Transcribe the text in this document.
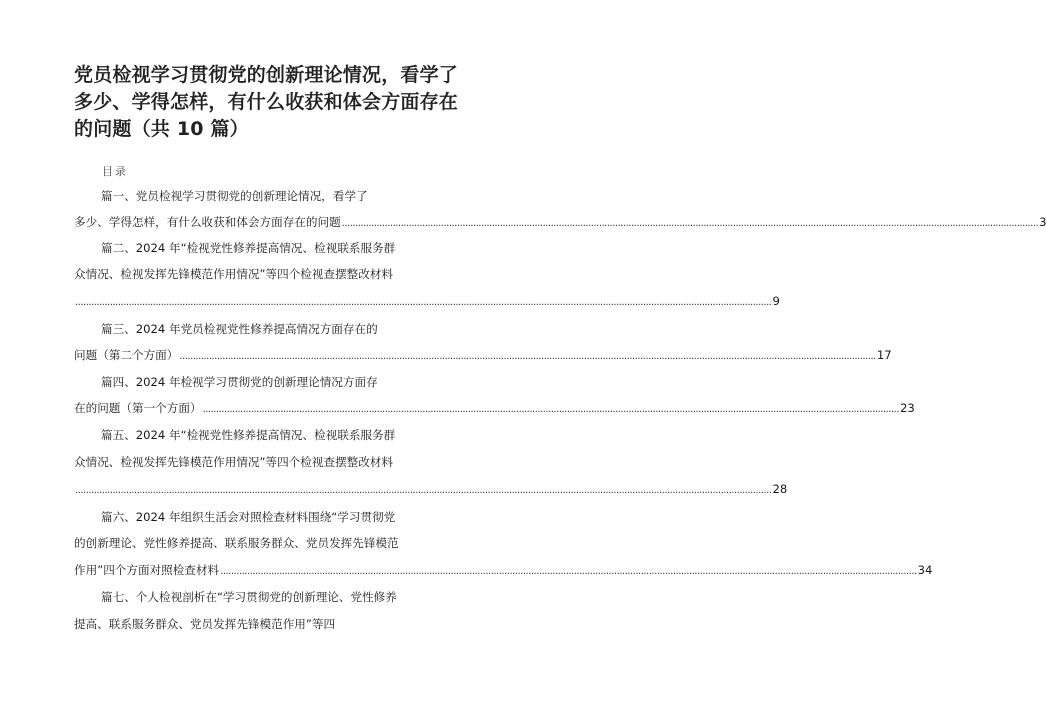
党员检视学习贯彻党的创新理论情况，看学了
多少、学得怎样，有什么收获和体会方面存在
的问题（共 10 篇）
目录
篇一、党员检视学习贯彻党的创新理论情况，看学了
多少、学得怎样，有什么收获和体会方面存在的问题 .................................................................................................................................................................................................................................................................... 3
篇二、2024 年“检视党性修养提高情况、检视联系服务群
众情况、检视发挥先锋模范作用情况”等四个检视查摆整改材料
.................................................................................................................................................................................................................................................................... 9
篇三、2024 年党员检视党性修养提高情况方面存在的
问题（第二个方面） .................................................................................................................................................................................................................................................................... 17
篇四、2024 年检视学习贯彻党的创新理论情况方面存
在的问题（第一个方面） .................................................................................................................................................................................................................................................................... 23
篇五、2024 年“检视党性修养提高情况、检视联系服务群
众情况、检视发挥先锋模范作用情况”等四个检视查摆整改材料
.................................................................................................................................................................................................................................................................... 28
篇六、2024 年组织生活会对照检查材料围绕“学习贯彻党
的创新理论、党性修养提高、联系服务群众、党员发挥先锋模范
作用”四个方面对照检查材料 .................................................................................................................................................................................................................................................................... 34
篇七、个人检视剖析在“学习贯彻党的创新理论、党性修养
提高、联系服务群众、党员发挥先锋模范作用”等四
